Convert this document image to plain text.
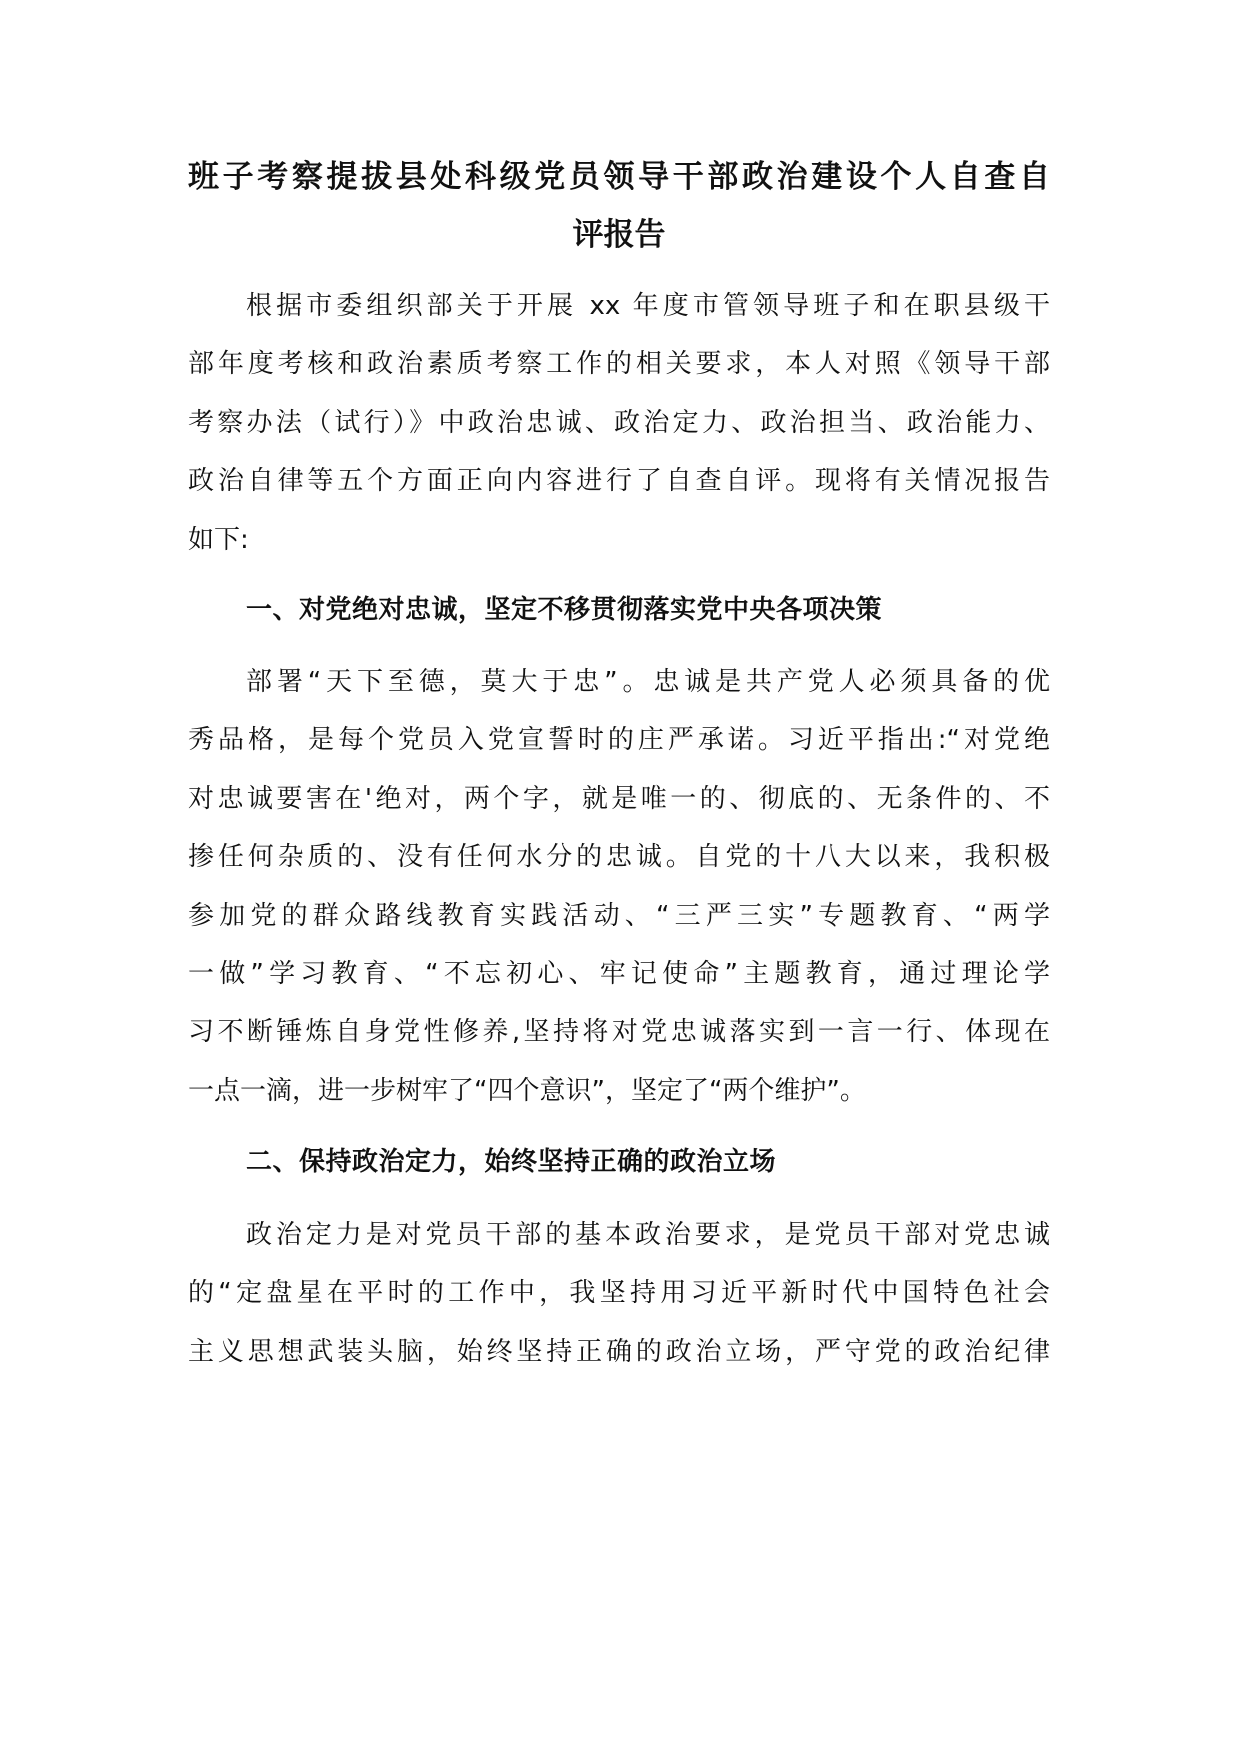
班子考察提拔县处科级党员领导干部政治建设个人自查自
评报告
根据市委组织部关于开展 xx 年度市管领导班子和在职县级干
部年度考核和政治素质考察工作的相关要求，本人对照《领导干部
考察办法（试行）》中政治忠诚、政治定力、政治担当、政治能力、
政治自律等五个方面正向内容进行了自查自评。现将有关情况报告
如下:
一、对党绝对忠诚，坚定不移贯彻落实党中央各项决策
部署“天下至德，莫大于忠”。忠诚是共产党人必须具备的优
秀品格，是每个党员入党宣誓时的庄严承诺。习近平指出:“对党绝
对忠诚要害在'绝对，两个字，就是唯一的、彻底的、无条件的、不
掺任何杂质的、没有任何水分的忠诚。自党的十八大以来，我积极
参加党的群众路线教育实践活动、“三严三实”专题教育、“两学
一做”学习教育、“不忘初心、牢记使命”主题教育，通过理论学
习不断锤炼自身党性修养,坚持将对党忠诚落实到一言一行、体现在
一点一滴，进一步树牢了“四个意识”，坚定了“两个维护”。
二、保持政治定力，始终坚持正确的政治立场
政治定力是对党员干部的基本政治要求，是党员干部对党忠诚
的“定盘星在平时的工作中，我坚持用习近平新时代中国特色社会
主义思想武装头脑，始终坚持正确的政治立场，严守党的政治纪律
